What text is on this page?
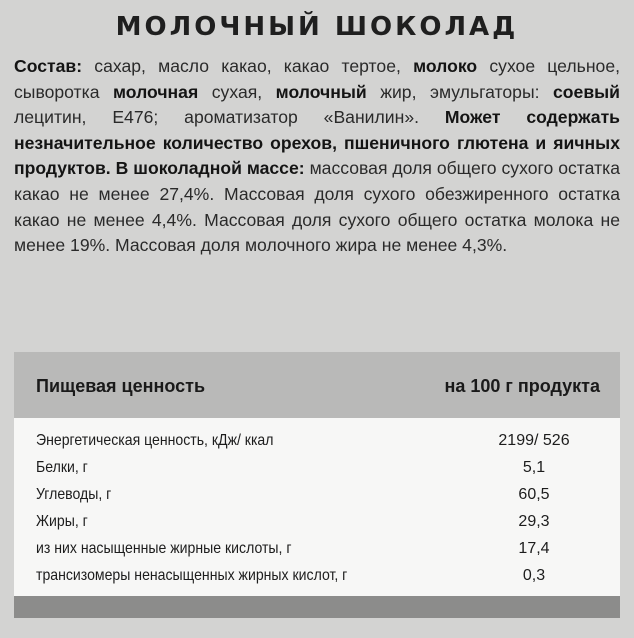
МОЛОЧНЫЙ ШОКОЛАД
Состав: сахар, масло какао, какао тертое, молоко сухое цельное, сыворотка молочная сухая, молочный жир, эмульгаторы: соевый лецитин, Е476; ароматизатор «Ванилин». Может содержать незначительное количество орехов, пшеничного глютена и яичных продуктов. В шоколадной массе: массовая доля общего сухого остатка какао не менее 27,4%. Массовая доля сухого обезжиренного остатка какао не менее 4,4%. Массовая доля сухого общего остатка молока не менее 19%. Массовая доля молочного жира не менее 4,3%.
Пищевая ценность	на 100 г продукта
Энергетическая ценность, кДж/ ккал	2199/ 526
Белки, г	5,1
Углеводы, г	60,5
Жиры, г	29,3
из них насыщенные жирные кислоты, г	17,4
трансизомеры ненасыщенных жирных кислот, г	0,3
